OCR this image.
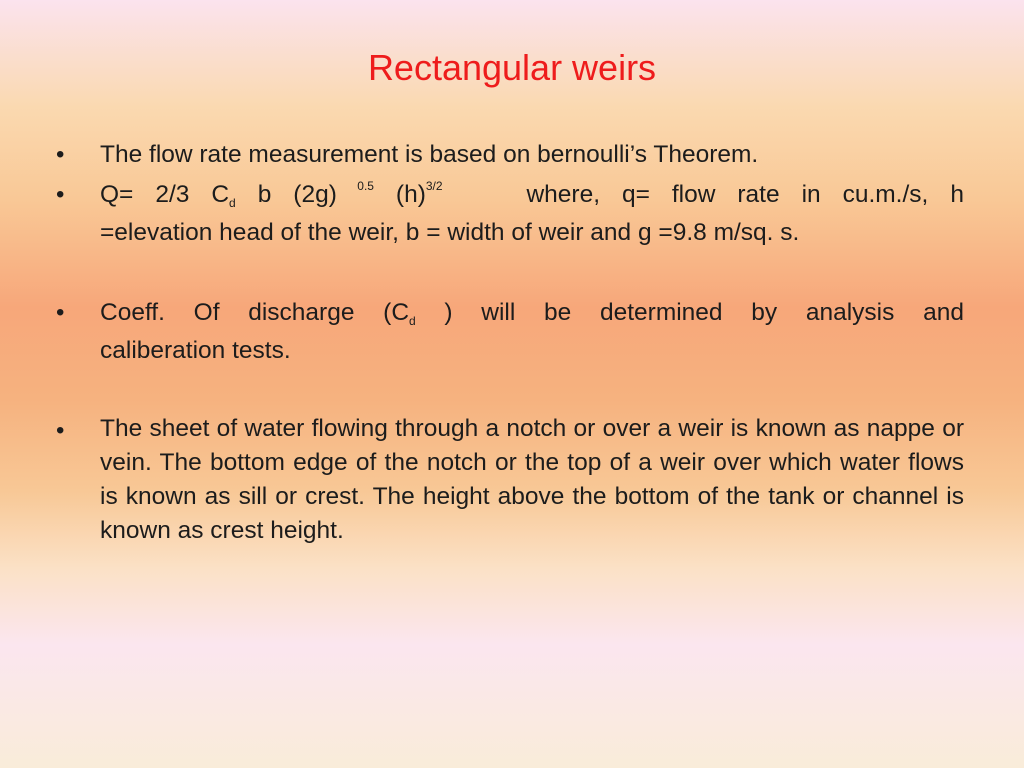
Rectangular weirs
• The flow rate measurement is based on bernoulli’s Theorem.
• Q= 2/3 $C_d$ b (2g) $^{0.5}$ $(h)^{3/2}$	where, q= flow rate in cu.m./s, h
=elevation head of the weir, b = width of weir and g =9.8 m/sq. s.
• Coeff. Of discharge ($C_d$ ) will be determined by analysis and
caliberation tests.
• The sheet of water flowing through a notch or over a weir is known as nappe or vein. The bottom edge of the notch or the top of a weir over which water flows is known as sill or crest. The height above the bottom of the tank or channel is known as crest height.
